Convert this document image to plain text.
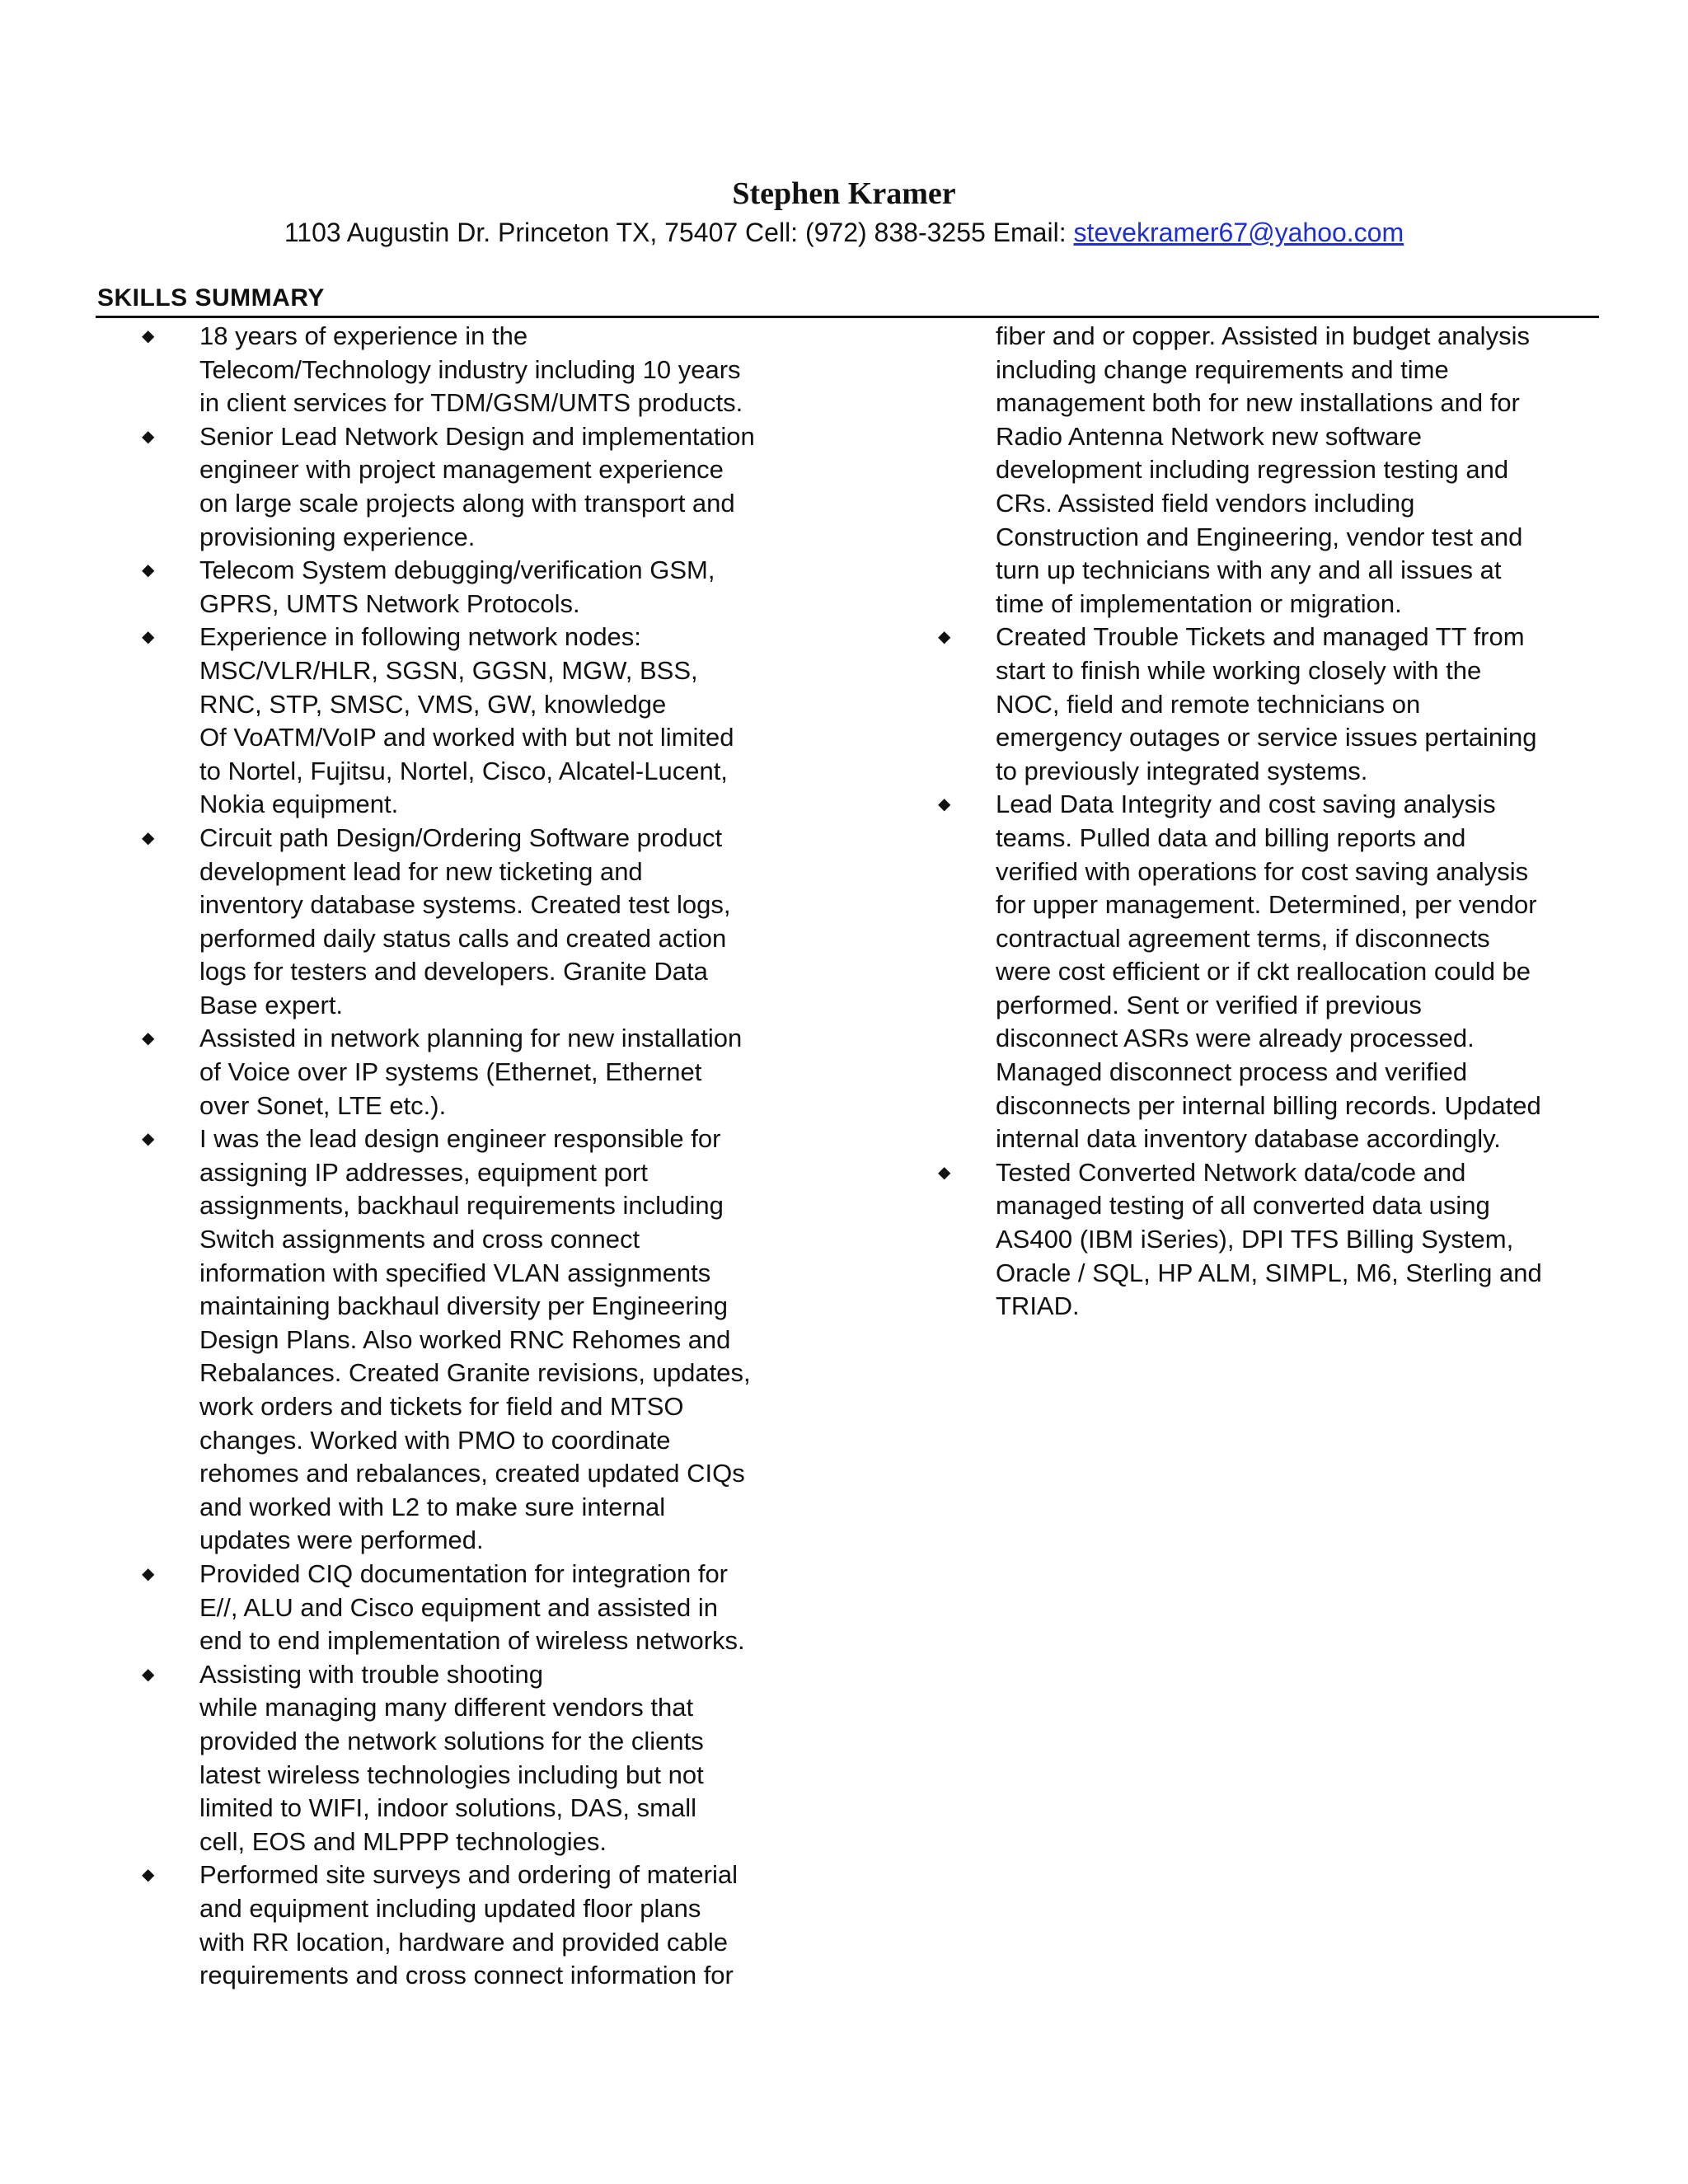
Stephen Kramer
1103 Augustin Dr. Princeton TX, 75407 Cell: (972) 838-3255 Email: stevekramer67@yahoo.com
SKILLS SUMMARY
◆ 18 years of experience in the
Telecom/Technology industry including 10 years
in client services for TDM/GSM/UMTS products.
◆ Senior Lead Network Design and implementation
engineer with project management experience
on large scale projects along with transport and
provisioning experience.
◆ Telecom System debugging/verification GSM,
GPRS, UMTS Network Protocols.
◆ Experience in following network nodes:
MSC/VLR/HLR, SGSN, GGSN, MGW, BSS,
RNC, STP, SMSC, VMS, GW, knowledge
Of VoATM/VoIP and worked with but not limited
to Nortel, Fujitsu, Nortel, Cisco, Alcatel-Lucent,
Nokia equipment.
◆ Circuit path Design/Ordering Software product
development lead for new ticketing and
inventory database systems. Created test logs,
performed daily status calls and created action
logs for testers and developers. Granite Data
Base expert.
◆ Assisted in network planning for new installation
of Voice over IP systems (Ethernet, Ethernet
over Sonet, LTE etc.).
◆ I was the lead design engineer responsible for
assigning IP addresses, equipment port
assignments, backhaul requirements including
Switch assignments and cross connect
information with specified VLAN assignments
maintaining backhaul diversity per Engineering
Design Plans. Also worked RNC Rehomes and
Rebalances. Created Granite revisions, updates,
work orders and tickets for field and MTSO
changes. Worked with PMO to coordinate
rehomes and rebalances, created updated CIQs
and worked with L2 to make sure internal
updates were performed.
◆ Provided CIQ documentation for integration for
E//, ALU and Cisco equipment and assisted in
end to end implementation of wireless networks.
◆ Assisting with trouble shooting
while managing many different vendors that
provided the network solutions for the clients
latest wireless technologies including but not
limited to WIFI, indoor solutions, DAS, small
cell, EOS and MLPPP technologies.
◆ Performed site surveys and ordering of material
and equipment including updated floor plans
with RR location, hardware and provided cable
requirements and cross connect information for
fiber and or copper. Assisted in budget analysis
including change requirements and time
management both for new installations and for
Radio Antenna Network new software
development including regression testing and
CRs. Assisted field vendors including
Construction and Engineering, vendor test and
turn up technicians with any and all issues at
time of implementation or migration.
◆ Created Trouble Tickets and managed TT from
start to finish while working closely with the
NOC, field and remote technicians on
emergency outages or service issues pertaining
to previously integrated systems.
◆ Lead Data Integrity and cost saving analysis
teams. Pulled data and billing reports and
verified with operations for cost saving analysis
for upper management. Determined, per vendor
contractual agreement terms, if disconnects
were cost efficient or if ckt reallocation could be
performed. Sent or verified if previous
disconnect ASRs were already processed.
Managed disconnect process and verified
disconnects per internal billing records. Updated
internal data inventory database accordingly.
◆ Tested Converted Network data/code and
managed testing of all converted data using
AS400 (IBM iSeries), DPI TFS Billing System,
Oracle / SQL, HP ALM, SIMPL, M6, Sterling and
TRIAD.
